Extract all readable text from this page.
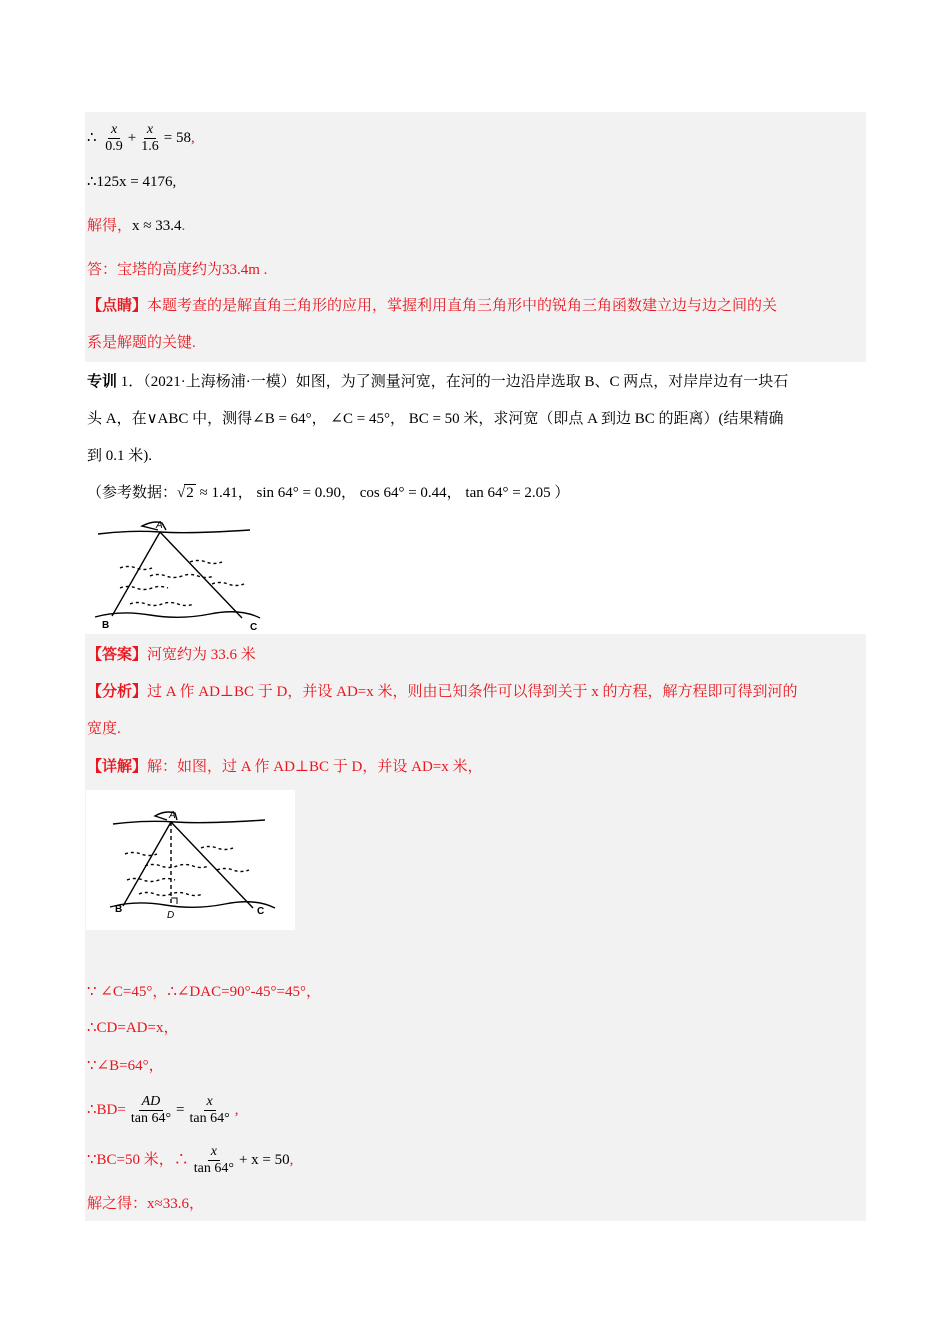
∴ $\frac{x}{0.9} + \frac{x}{1.6} = 58$,
∴125x = 4176,
解得，x ≈ 33.4.
答：宝塔的高度约为33.4m .
【点睛】本题考查的是解直角三角形的应用，掌握利用直角三角形中的锐角三角函数建立边与边之间的关
系是解题的关键.
专训 1．（2021·上海杨浦·一模）如图，为了测量河宽，在河的一边沿岸选取 B、C 两点，对岸岸边有一块石
头 A，在∨ABC 中，测得∠B = 64°， ∠C = 45°， BC = 50 米，求河宽（即点 A 到边 BC 的距离）(结果精确
到 0.1 米).
（参考数据：√2 ≈ 1.41， sin 64° = 0.90， cos 64° = 0.44， tan 64° = 2.05 ）
A
B	C
【答案】河宽约为 33.6 米
【分析】过 A 作 AD⊥BC 于 D，并设 AD=x 米，则由已知条件可以得到关于 x 的方程，解方程即可得到河的
宽度.
【详解】解：如图，过 A 作 AD⊥BC 于 D，并设 AD=x 米，
A
B
D	C
∵ ∠C=45°，∴∠DAC=90°-45°=45°，
∴CD=AD=x，
∵∠B=64°，
∴BD= $\frac{AD}{\tan 64^\circ} = \frac{x}{\tan 64^\circ}$ ,
∵BC=50 米，∴ $\frac{x}{\tan 64^\circ} + x = 50$,
解之得：x≈33.6，
